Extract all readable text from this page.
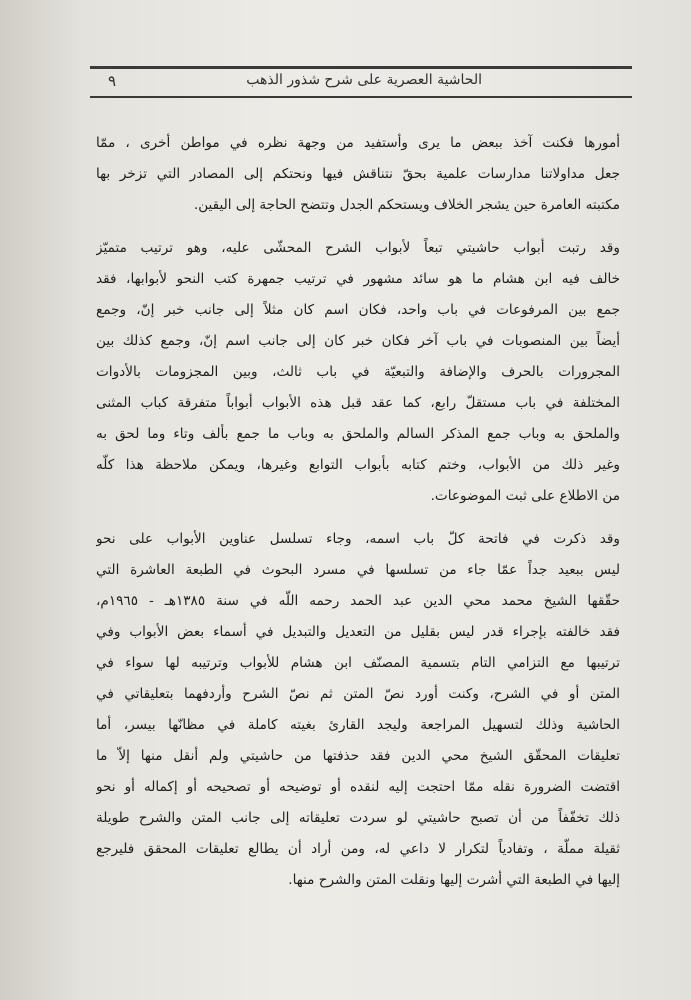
الحاشية العصرية على شرح شذور الذهب
٩

أمورها فكنت آخذ ببعض ما يرى وأستفيد من وجهة نظره في مواطن أخرى ، ممّا
جعل مداولاتنا مدارسات علمية بحقّ نتناقش فيها ونحتكم إلى المصادر التي تزخر بها
مكتبته العامرة حين يشجر الخلاف ويستحكم الجدل وتتضح الحاجة إلى اليقين.

وقد رتبت أبواب حاشيتي تبعاً لأبواب الشرح المحشّى عليه، وهو ترتيب متميّز
خالف فيه ابن هشام ما هو سائد مشهور في ترتيب جمهرة كتب النحو لأبوابها، فقد
جمع بين المرفوعات في باب واحد، فكان اسم كان مثلاً إلى جانب خبر إنّ، وجمع
أيضاً بين المنصوبات في باب آخر فكان خبر كان إلى جانب اسم إنّ، وجمع كذلك بين
المجرورات بالحرف والإضافة والتبعيّة في باب ثالث، وبين المجزومات بالأدوات
المختلفة في باب مستقلّ رابع، كما عقد قبل هذه الأبواب أبواباً متفرقة كباب المثنى
والملحق به وباب جمع المذكر السالم والملحق به وباب ما جمع بألف وتاء وما لحق به
وغير ذلك من الأبواب، وختم كتابه بأبواب التوابع وغيرها، ويمكن ملاحظة هذا كلّه
من الاطلاع على ثبت الموضوعات.

وقد ذكرت في فاتحة كلّ باب اسمه، وجاء تسلسل عناوين الأبواب على نحو
ليس ببعيد جداً عمّا جاء من تسلسها في مسرد البحوث في الطبعة العاشرة التي
حقّقها الشيخ محمد محي الدين عبد الحمد رحمه اللّه في سنة ١٣٨٥هـ - ١٩٦٥م،
فقد خالفته بإجراء قدر ليس بقليل من التعديل والتبديل في أسماء بعض الأبواب وفي
ترتيبها مع التزامي التام بتسمية المصنّف ابن هشام للأبواب وترتيبه لها سواء في
المتن أو في الشرح، وكنت أورد نصّ المتن ثم نصّ الشرح وأردفهما بتعليقاتي في
الحاشية وذلك لتسهيل المراجعة وليجد القارئ بغيته كاملة في مظانّها بيسر، أما
تعليقات المحقّق الشيخ محي الدين فقد حذفتها من حاشيتي ولم أنقل منها إلاّ ما
اقتضت الضرورة نقله ممّا احتجت إليه لنقده أو توضيحه أو تصحيحه أو إكماله أو نحو
ذلك تخفّفاً من أن تصبح حاشيتي لو سردت تعليقاته إلى جانب المتن والشرح طويلة
ثقيلة مملّة ، وتفادياً لتكرار لا داعي له، ومن أراد أن يطالع تعليقات المحقق فليرجع
إليها في الطبعة التي أشرت إليها ونقلت المتن والشرح منها.
